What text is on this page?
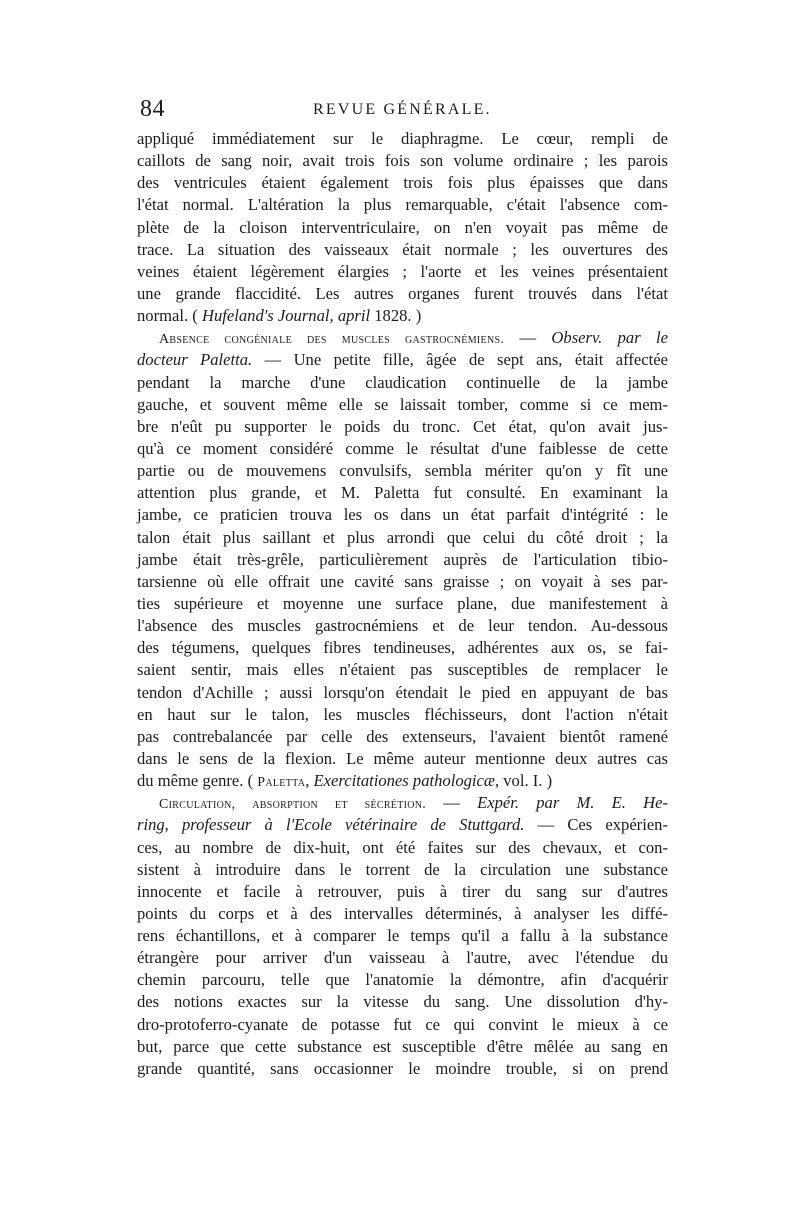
84	REVUE GÉNÉRALE.
appliqué immédiatement sur le diaphragme. Le cœur, rempli de
caillots de sang noir, avait trois fois son volume ordinaire ; les parois
des ventricules étaient également trois fois plus épaisses que dans
l'état normal. L'altération la plus remarquable, c'était l'absence com-
plète de la cloison interventriculaire, on n'en voyait pas même de
trace. La situation des vaisseaux était normale ; les ouvertures des
veines étaient légèrement élargies ; l'aorte et les veines présentaient
une grande flaccidité. Les autres organes furent trouvés dans l'état
normal. ( Hufeland's Journal, april 1828. )
Absence congéniale des muscles gastrocnémiens. — Observ. par le
docteur Paletta. — Une petite fille, âgée de sept ans, était affectée
pendant la marche d'une claudication continuelle de la jambe
gauche, et souvent même elle se laissait tomber, comme si ce mem-
bre n'eût pu supporter le poids du tronc. Cet état, qu'on avait jus-
qu'à ce moment considéré comme le résultat d'une faiblesse de cette
partie ou de mouvemens convulsifs, sembla mériter qu'on y fît une
attention plus grande, et M. Paletta fut consulté. En examinant la
jambe, ce praticien trouva les os dans un état parfait d'intégrité : le
talon était plus saillant et plus arrondi que celui du côté droit ; la
jambe était très-grêle, particulièrement auprès de l'articulation tibio-
tarsienne où elle offrait une cavité sans graisse ; on voyait à ses par-
ties supérieure et moyenne une surface plane, due manifestement à
l'absence des muscles gastrocnémiens et de leur tendon. Au-dessous
des tégumens, quelques fibres tendineuses, adhérentes aux os, se fai-
saient sentir, mais elles n'étaient pas susceptibles de remplacer le
tendon d'Achille ; aussi lorsqu'on étendait le pied en appuyant de bas
en haut sur le talon, les muscles fléchisseurs, dont l'action n'était
pas contrebalancée par celle des extenseurs, l'avaient bientôt ramené
dans le sens de la flexion. Le même auteur mentionne deux autres cas
du même genre. ( Paletta, Exercitationes pathologicæ, vol. I. )
Circulation, absorption et sécrétion. — Expér. par M. E. He-
ring, professeur à l'Ecole vétérinaire de Stuttgard. — Ces expérien-
ces, au nombre de dix-huit, ont été faites sur des chevaux, et con-
sistent à introduire dans le torrent de la circulation une substance
innocente et facile à retrouver, puis à tirer du sang sur d'autres
points du corps et à des intervalles déterminés, à analyser les diffé-
rens échantillons, et à comparer le temps qu'il a fallu à la substance
étrangère pour arriver d'un vaisseau à l'autre, avec l'étendue du
chemin parcouru, telle que l'anatomie la démontre, afin d'acquérir
des notions exactes sur la vitesse du sang. Une dissolution d'hy-
dro-protoferro-cyanate de potasse fut ce qui convint le mieux à ce
but, parce que cette substance est susceptible d'être mêlée au sang en
grande quantité, sans occasionner le moindre trouble, si on prend
